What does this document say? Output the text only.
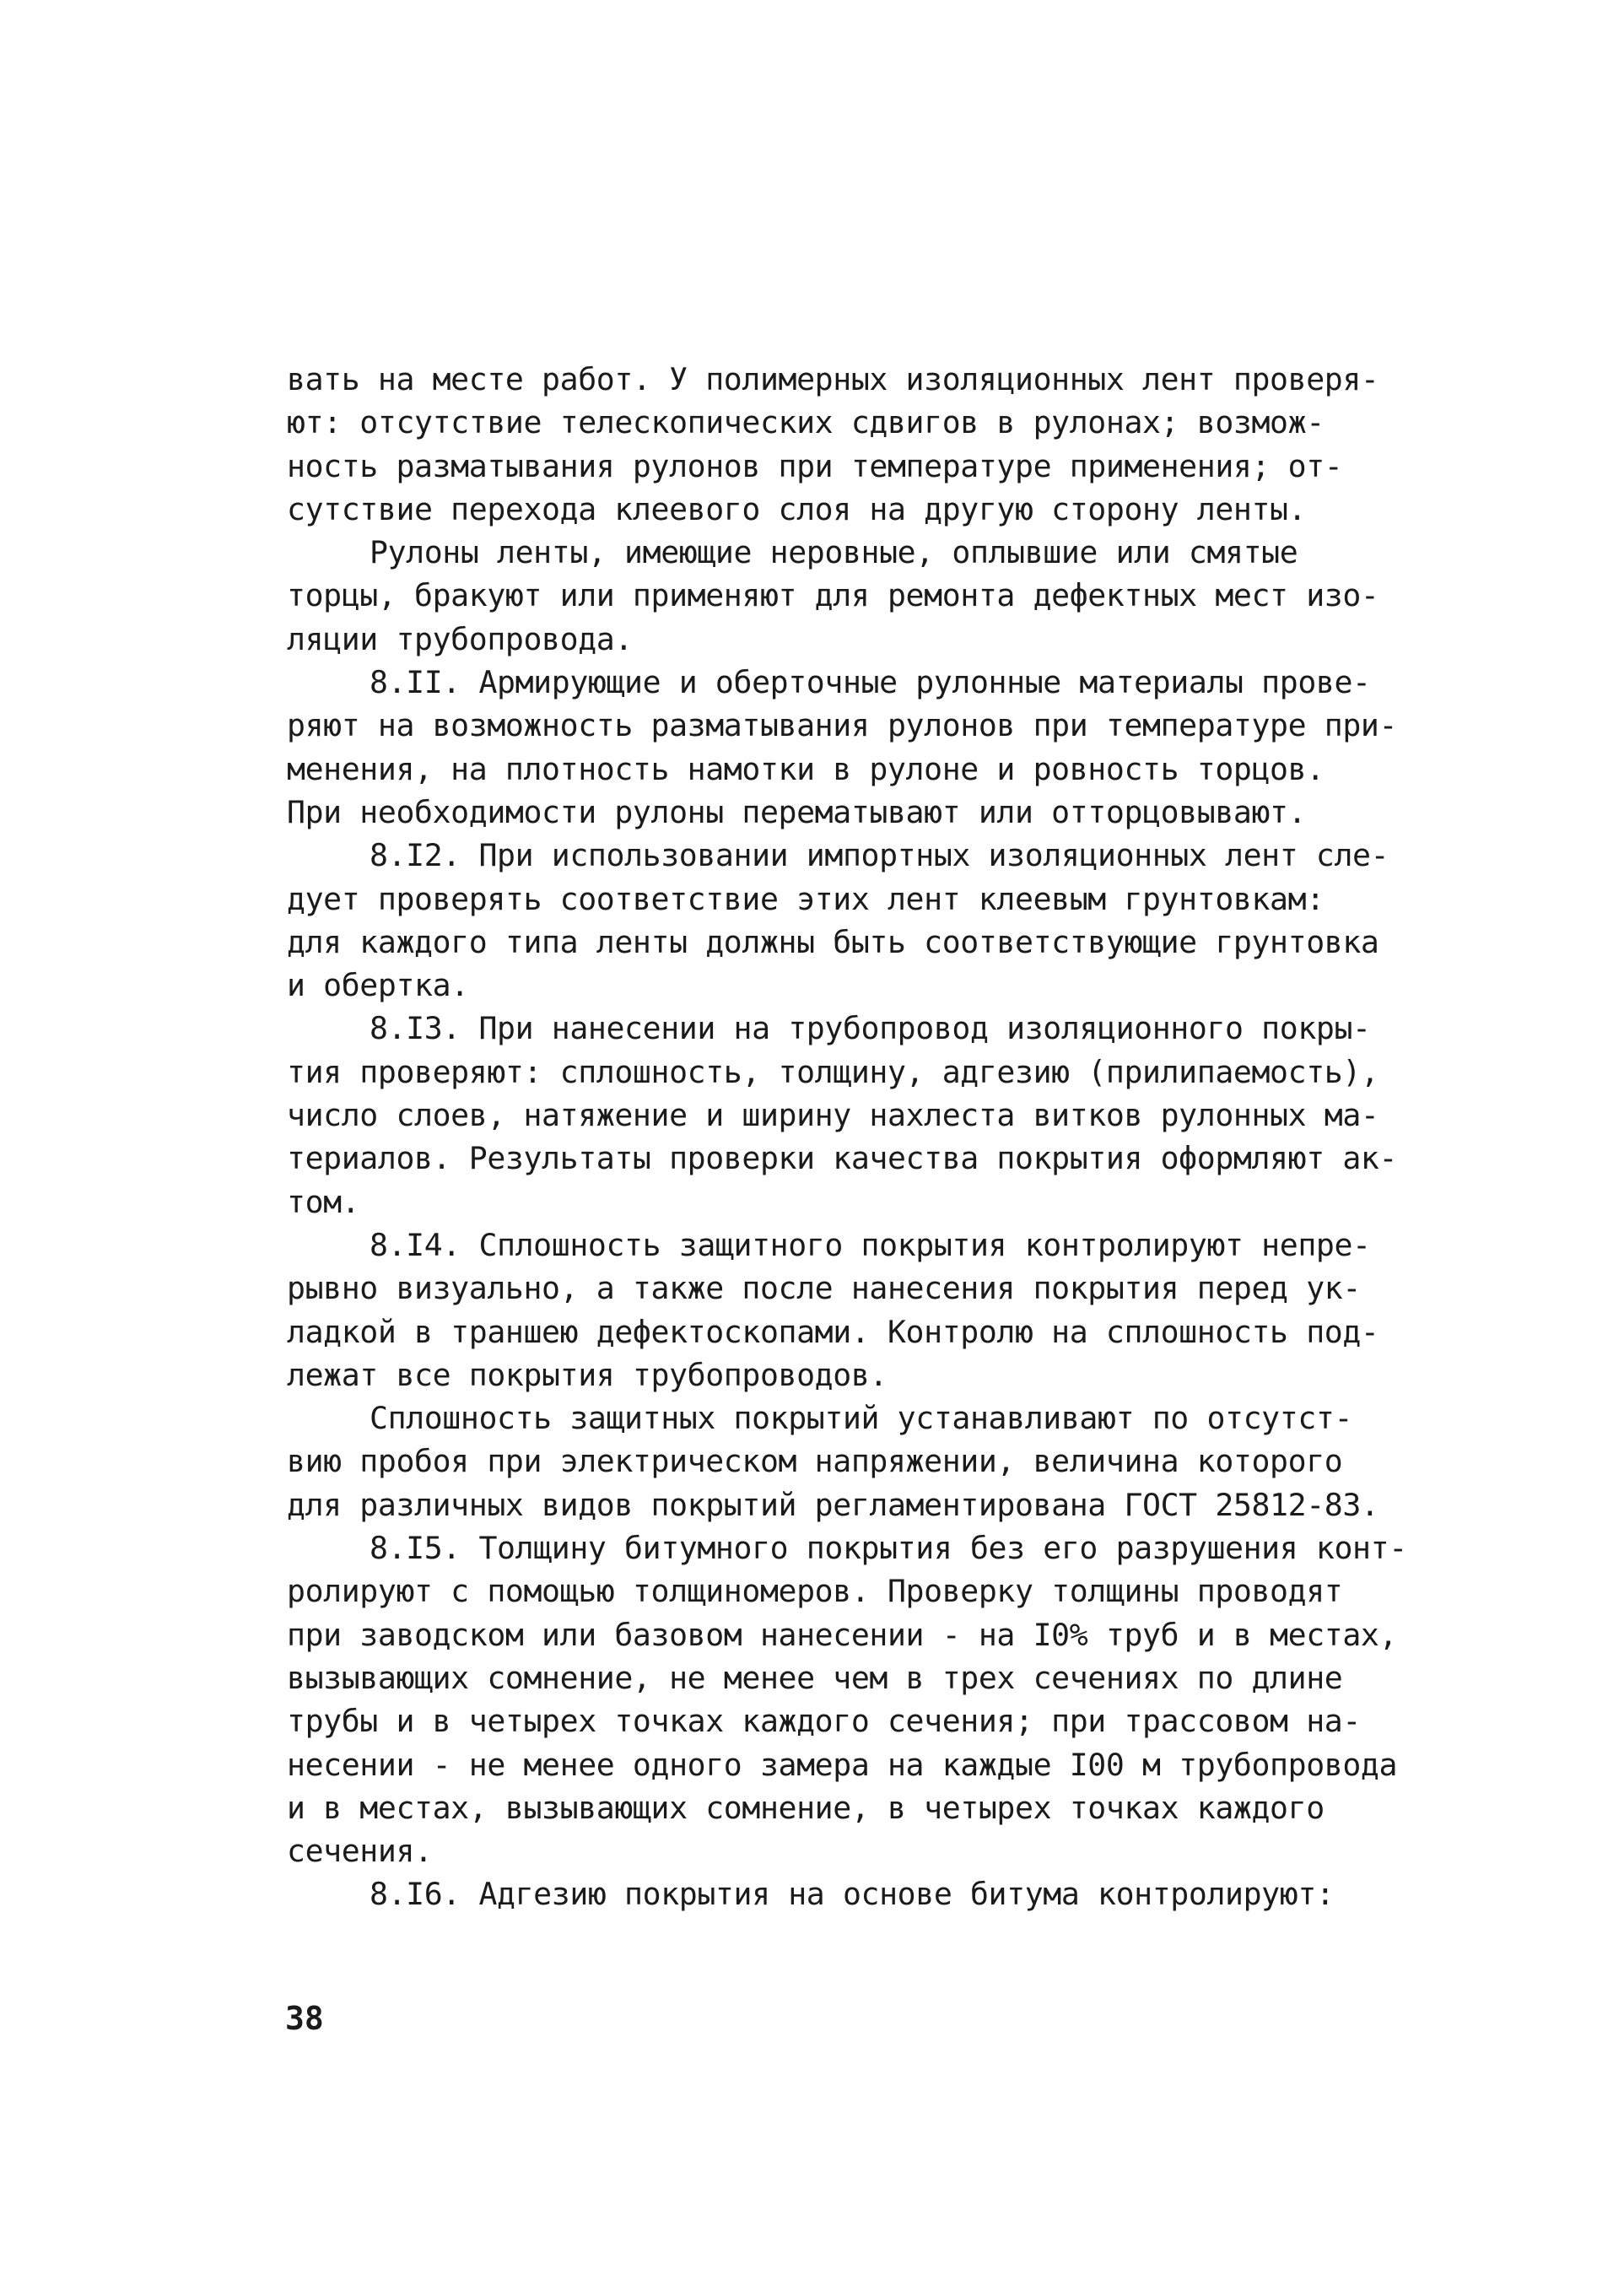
вать на месте работ. У полимерных изоляционных лент проверя-
ют: отсутствие телескопических сдвигов в рулонах; возмож-
ность разматывания рулонов при температуре применения; от-
сутствие перехода клеевого слоя на другую сторону ленты.
Рулоны ленты, имеющие неровные, оплывшие или смятые
торцы, бракуют или применяют для ремонта дефектных мест изо-
ляции трубопровода.
8.II. Армирующие и оберточные рулонные материалы прове-
ряют на возможность разматывания рулонов при температуре при-
менения, на плотность намотки в рулоне и ровность торцов.
При необходимости рулоны перематывают или отторцовывают.
8.I2. При использовании импортных изоляционных лент сле-
дует проверять соответствие этих лент клеевым грунтовкам:
для каждого типа ленты должны быть соответствующие грунтовка
и обертка.
8.I3. При нанесении на трубопровод изоляционного покры-
тия проверяют: сплошность, толщину, адгезию (прилипаемость),
число слоев, натяжение и ширину нахлеста витков рулонных ма-
териалов. Результаты проверки качества покрытия оформляют ак-
том.
8.I4. Сплошность защитного покрытия контролируют непре-
рывно визуально, а также после нанесения покрытия перед ук-
ладкой в траншею дефектоскопами. Контролю на сплошность под-
лежат все покрытия трубопроводов.
Сплошность защитных покрытий устанавливают по отсутст-
вию пробоя при электрическом напряжении, величина которого
для различных видов покрытий регламентирована ГОСТ 25812-83.
8.I5. Толщину битумного покрытия без его разрушения конт-
ролируют с помощью толщиномеров. Проверку толщины проводят
при заводском или базовом нанесении - на I0% труб и в местах,
вызывающих сомнение, не менее чем в трех сечениях по длине
трубы и в четырех точках каждого сечения; при трассовом на-
несении - не менее одного замера на каждые I00 м трубопровода
и в местах, вызывающих сомнение, в четырех точках каждого
сечения.
8.I6. Адгезию покрытия на основе битума контролируют:
38
